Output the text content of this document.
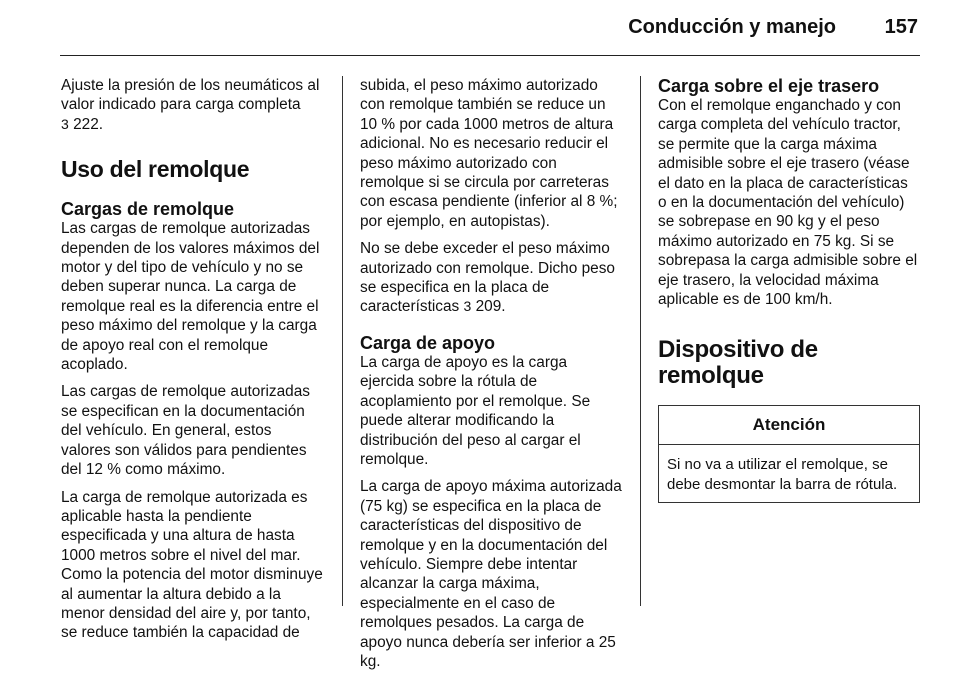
Conducción y manejo 157

Ajuste la presión de los neumáticos al valor indicado para carga completa
3 222.

Uso del remolque
Cargas de remolque

Las cargas de remolque autorizadas dependen de los valores máximos del motor y del tipo de vehículo y no se deben superar nunca. La carga de remolque real es la diferencia entre el peso máximo del remolque y la carga de apoyo real con el remolque acoplado.

Las cargas de remolque autorizadas se especifican en la documentación del vehículo. En general, estos valores son válidos para pendientes del 12 % como máximo.

La carga de remolque autorizada es aplicable hasta la pendiente especificada y una altura de hasta 1000 metros sobre el nivel del mar. Como la potencia del motor disminuye al aumentar la altura debido a la menor densidad del aire y, por tanto, se reduce también la capacidad de

subida, el peso máximo autorizado con remolque también se reduce un 10 % por cada 1000 metros de altura adicional. No es necesario reducir el peso máximo autorizado con remolque si se circula por carreteras con escasa pendiente (inferior al 8 %; por ejemplo, en autopistas).

No se debe exceder el peso máximo autorizado con remolque. Dicho peso se especifica en la placa de características 3 209.

Carga de apoyo

La carga de apoyo es la carga ejercida sobre la rótula de acoplamiento por el remolque. Se puede alterar modificando la distribución del peso al cargar el remolque.

La carga de apoyo máxima autorizada (75 kg) se especifica en la placa de características del dispositivo de remolque y en la documentación del vehículo. Siempre debe intentar alcanzar la carga máxima, especialmente en el caso de remolques pesados. La carga de apoyo nunca debería ser inferior a 25 kg.

Carga sobre el eje trasero

Con el remolque enganchado y con carga completa del vehículo tractor, se permite que la carga máxima admisible sobre el eje trasero (véase el dato en la placa de características o en la documentación del vehículo) se sobrepase en 90 kg y el peso máximo autorizado en 75 kg. Si se sobrepasa la carga admisible sobre el eje trasero, la velocidad máxima aplicable es de 100 km/h.

Dispositivo de remolque
Atención
Si no va a utilizar el remolque, se debe desmontar la barra de rótula.
